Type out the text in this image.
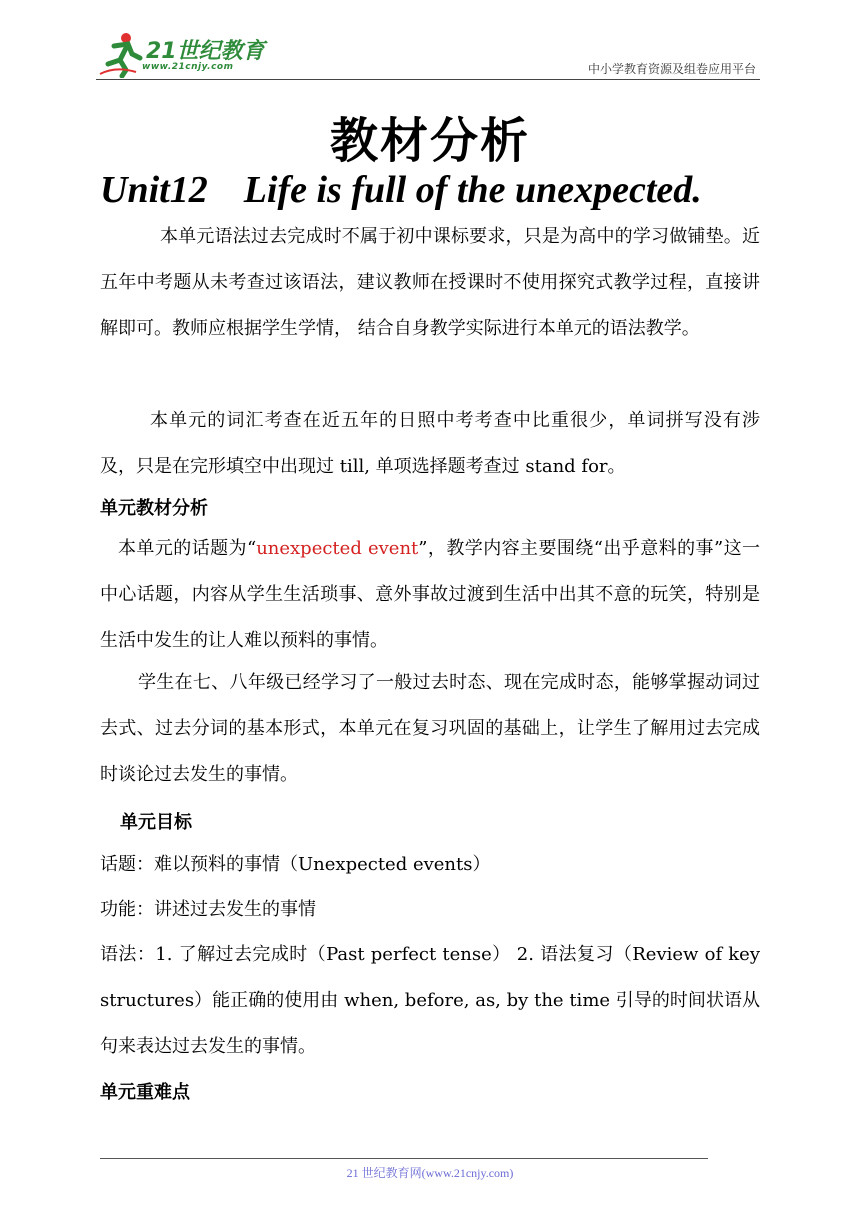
21世纪教育
www.21cnjy.com	中小学教育资源及组卷应用平台
教材分析
Unit12 Life is full of the unexpected.

本单元语法过去完成时不属于初中课标要求，只是为高中的学习做铺垫。近五年中考题从未考查过该语法，建议教师在授课时不使用探究式教学过程，直接讲解即可。教师应根据学生学情， 结合自身教学实际进行本单元的语法教学。

本单元的词汇考查在近五年的日照中考考查中比重很少，单词拼写没有涉及，只是在完形填空中出现过 till, 单项选择题考查过 stand for。

单元教材分析

本单元的话题为“unexpected event”，教学内容主要围绕“出乎意料的事”这一中心话题，内容从学生生活琐事、意外事故过渡到生活中出其不意的玩笑，特别是生活中发生的让人难以预料的事情。

学生在七、八年级已经学习了一般过去时态、现在完成时态，能够掌握动词过去式、过去分词的基本形式，本单元在复习巩固的基础上，让学生了解用过去完成时谈论过去发生的事情。

单元目标

话题：难以预料的事情（Unexpected events）

功能：讲述过去发生的事情

语法：1. 了解过去完成时（Past perfect tense） 2. 语法复习（Review of key structures）能正确的使用由 when, before, as, by the time 引导的时间状语从句来表达过去发生的事情。

单元重难点
21 世纪教育网(www.21cnjy.com)
